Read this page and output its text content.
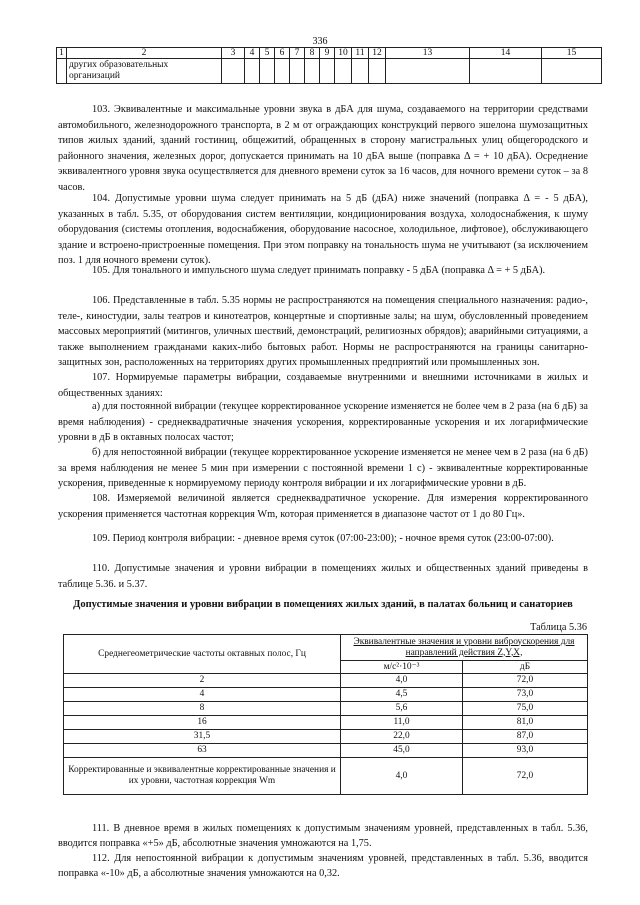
336
1	2	3	4	5	6	7	8	9	10	11	12	13	14	15
	других образовательных
организаций													

103. Эквивалентные и максимальные уровни звука в дБА для шума, создаваемого на территории средствами автомобильного, железнодорожного транспорта, в 2 м от ограждающих конструкций первого эшелона шумозащитных типов жилых зданий, зданий гостиниц, общежитий, обращенных в сторону магистральных улиц общегородского и районного значения, железных дорог, допускается принимать на 10 дБА выше (поправка Δ = + 10 дБА). Осреднение эквивалентного уровня звука осуществляется для дневного времени суток за 16 часов, для ночного времени суток – за 8 часов.

104. Допустимые уровни шума следует принимать на 5 дБ (дБА) ниже значений (поправка Δ = - 5 дБА), указанных в табл. 5.35, от оборудования систем вентиляции, кондиционирования воздуха, холодоснабжения, к шуму оборудования (системы отопления, водоснабжения, оборудование насосное, холодильное, лифтовое), обслуживающего здание и встроено-пристроенные помещения. При этом поправку на тональность шума не учитывают (за исключением поз. 1 для ночного времени суток).

105. Для тонального и импульсного шума следует принимать поправку - 5 дБА (поправка Δ = + 5 дБА).

106. Представленные в табл. 5.35 нормы не распространяются на помещения специального назначения: радио-, теле-, киностудии, залы театров и кинотеатров, концертные и спортивные залы; на шум, обусловленный проведением массовых мероприятий (митингов, уличных шествий, демонстраций, религиозных обрядов); аварийными ситуациями, а также выполнением гражданами каких-либо бытовых работ. Нормы не распространяются на границы санитарно-защитных зон, расположенных на территориях других промышленных предприятий или промышленных зон.

107. Нормируемые параметры вибрации, создаваемые внутренними и внешними источниками в жилых и общественных зданиях:

а) для постоянной вибрации (текущее корректированное ускорение изменяется не более чем в 2 раза (на 6 дБ) за время наблюдения) - среднеквадратичные значения ускорения, корректированные ускорения и их логарифмические уровни в дБ в октавных полосах частот;

б) для непостоянной вибрации (текущее корректированное ускорение изменяется не менее чем в 2 раза (на 6 дБ) за время наблюдения не менее 5 мин при измерении с постоянной времени 1 с) - эквивалентные корректированные ускорения, приведенные к нормируемому периоду контроля вибрации и их логарифмические уровни в дБ.

108. Измеряемой величиной является среднеквадратичное ускорение. Для измерения корректированного ускорения применяется частотная коррекция Wm, которая применяется в диапазоне частот от 1 до 80 Гц».

109. Период контроля вибрации: - дневное время суток (07:00-23:00); - ночное время суток (23:00-07:00).

110. Допустимые значения и уровни вибрации в помещениях жилых и общественных зданий приведены в таблице 5.36. и 5.37.

Допустимые значения и уровни вибрации в помещениях жилых зданий, в палатах больниц и санаториев
Таблица 5.36
Среднегеометрические частоты октавных полос, Гц	Эквивалентные значения и уровни виброускорения для направлений действия Z,Y,X,	
	м/с²·10⁻³	дБ
2	4,0	72,0
4	4,5	73,0
8	5,6	75,0
16	11,0	81,0
31,5	22,0	87,0
63	45,0	93,0
Корректированные и эквивалентные корректированные значения и их уровни, частотная коррекция Wm	4,0	72,0

111. В дневное время в жилых помещениях к допустимым значениям уровней, представленных в табл. 5.36, вводится поправка «+5» дБ, абсолютные значения умножаются на 1,75.

112. Для непостоянной вибрации к допустимым значениям уровней, представленных в табл. 5.36, вводится поправка «-10» дБ, а абсолютные значения умножаются на 0,32.
